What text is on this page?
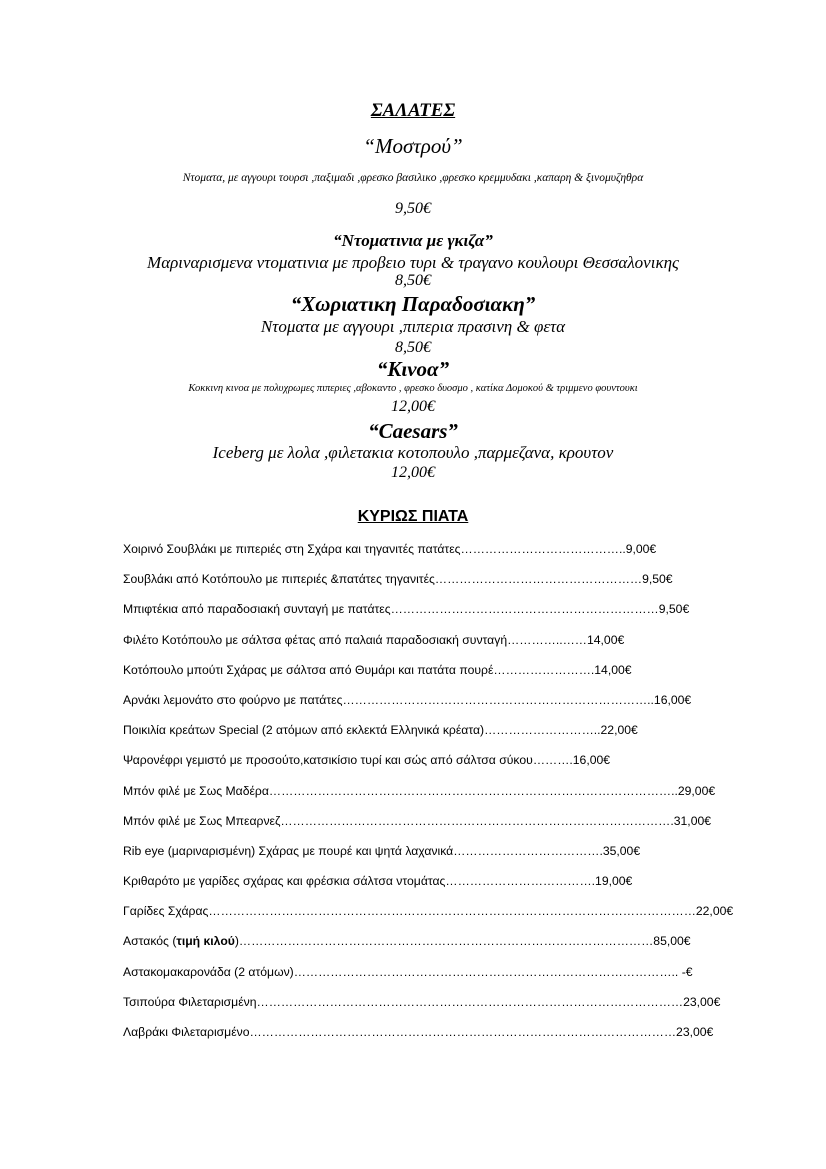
ΣΑΛΑΤΕΣ
“Μοστρού”
Ντοματα, με αγγουρι τουρσι ,παξιμαδι ,φρεσκο βασιλικο ,φρεσκο κρεμμυδακι ,καπαρη & ξινομυζηθρα
9,50€
“Ντοματινια με γκιζα”
Μαριναρισμενα ντοματινια με προβειο τυρι & τραγανο κουλουρι Θεσσαλονικης
8,50€
“Χωριατικη Παραδοσιακη”
Ντοματα με αγγουρι ,πιπερια πρασινη & φετα
8,50€
“Κινοα”
Κοκκινη κινοα με πολυχρωμες πιπεριες ,αβοκαντο , φρεσκο δυοσμο , κατίκα Δομοκού & τριμμενο φουντουκι
12,00€
“Caesars”
Iceberg με λολα ,φιλετακια κοτοπουλο ,παρμεζανα, κρουτον
12,00€
ΚΥΡΙΩΣ ΠΙΑΤΑ
Χοιρινό Σουβλάκι με πιπεριές στη Σχάρα και τηγανιτές πατάτες…………………………………..9,00€
Σουβλάκι από Κοτόπουλο με πιπεριές &πατάτες τηγανιτές……………………………………………9,50€
Μπιφτέκια από παραδοσιακή συνταγή με πατάτες…………………………………………………………9,50€
Φιλέτο Κοτόπουλο με σάλτσα φέτας από παλαιά παραδοσιακή συνταγή…………..……14,00€
Κοτόπουλο μπούτι Σχάρας με σάλτσα από Θυμάρι και πατάτα πουρέ…………………….14,00€
Αρνάκι λεμονάτο στο φούρνο με πατάτες…………………………………………………………………..16,00€
Ποικιλία κρεάτων Special (2 ατόμων από εκλεκτά Ελληνικά κρέατα)………………………..22,00€
Ψαρονέφρι γεμιστό με προσούτο,κατσικίσιο τυρί και σώς από σάλτσα σύκου……….16,00€
Μπόν φιλέ με Σως Μαδέρα………………………………………………………………………………………..29,00€
Μπόν φιλέ με Σως Μπεαρνεζ…………………………………………………………………………………….31,00€
Rib eye (μαριναρισμένη) Σχάρας με πουρέ και ψητά λαχανικά……………………………….35,00€
Κριθαρότο με γαρίδες σχάρας και φρέσκια σάλτσα ντομάτας……………………………….19,00€
Γαρίδες Σχάρας…………………………………………………………………………………………………………22,00€
Αστακός (τιμή κιλού)…………………………………………………………………………………………85,00€
Αστακομακαρονάδα (2 ατόμων)………………………………………………………………………………….. -€
Τσιπούρα Φιλεταρισμένη……………………………………………………………………………………………23,00€
Λαβράκι Φιλεταρισμένο……………………………………………………………………………………………23,00€
